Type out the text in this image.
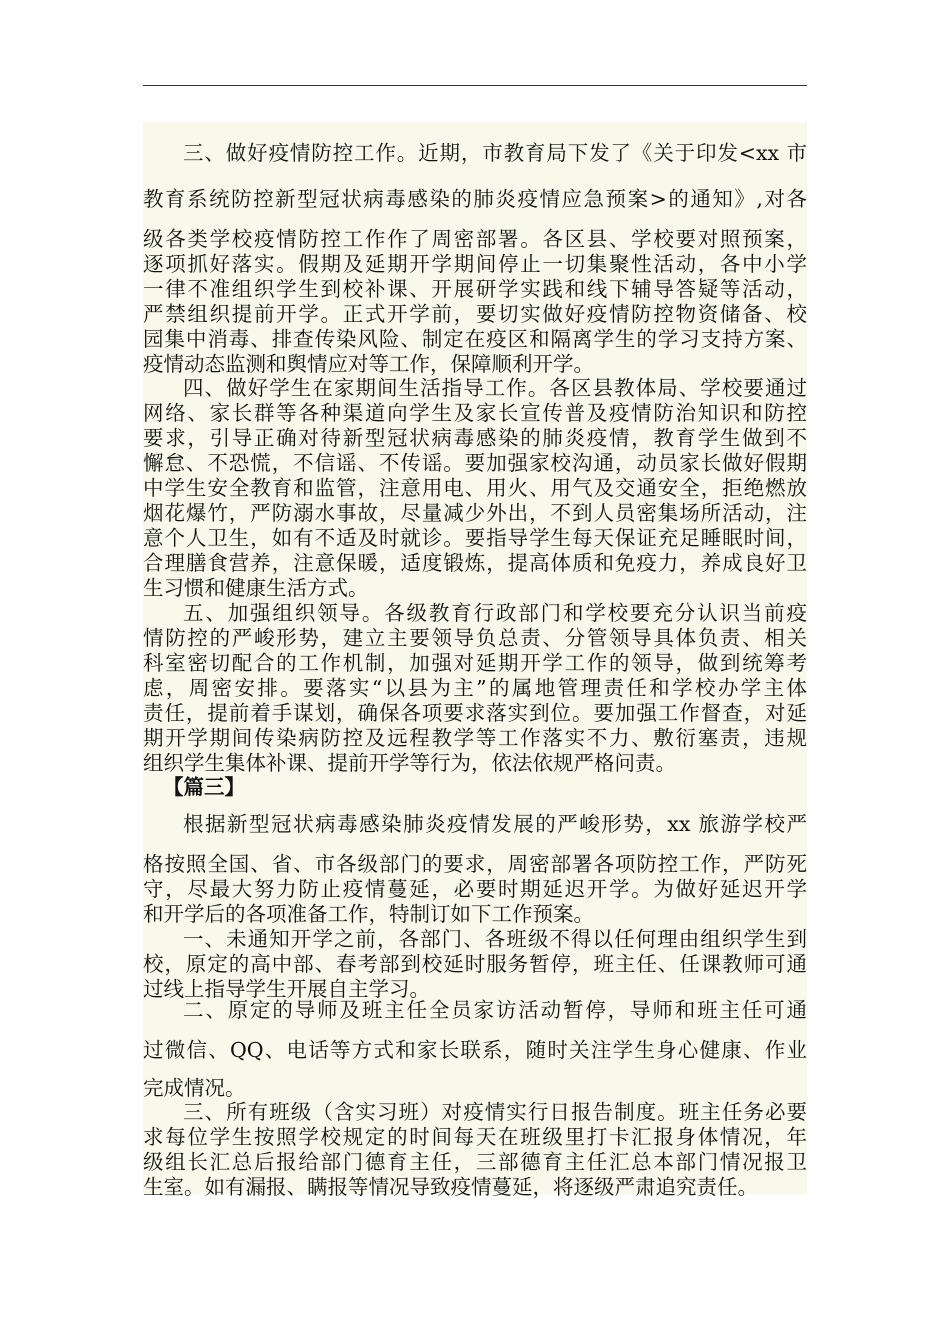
三、做好疫情防控工作。近期，市教育局下发了《关于印发<xx 市
教育系统防控新型冠状病毒感染的肺炎疫情应急预案>的通知》,对各
级各类学校疫情防控工作作了周密部署。各区县、学校要对照预案，
逐项抓好落实。假期及延期开学期间停止一切集聚性活动，各中小学
一律不准组织学生到校补课、开展研学实践和线下辅导答疑等活动，
严禁组织提前开学。正式开学前，要切实做好疫情防控物资储备、校
园集中消毒、排查传染风险、制定在疫区和隔离学生的学习支持方案、
疫情动态监测和舆情应对等工作，保障顺利开学。
四、做好学生在家期间生活指导工作。各区县教体局、学校要通过
网络、家长群等各种渠道向学生及家长宣传普及疫情防治知识和防控
要求，引导正确对待新型冠状病毒感染的肺炎疫情，教育学生做到不
懈怠、不恐慌，不信谣、不传谣。要加强家校沟通，动员家长做好假期
中学生安全教育和监管，注意用电、用火、用气及交通安全，拒绝燃放
烟花爆竹，严防溺水事故，尽量减少外出，不到人员密集场所活动，注
意个人卫生，如有不适及时就诊。要指导学生每天保证充足睡眠时间，
合理膳食营养，注意保暖，适度锻炼，提高体质和免疫力，养成良好卫
生习惯和健康生活方式。
五、加强组织领导。各级教育行政部门和学校要充分认识当前疫
情防控的严峻形势，建立主要领导负总责、分管领导具体负责、相关
科室密切配合的工作机制，加强对延期开学工作的领导，做到统筹考
虑，周密安排。要落实“以县为主”的属地管理责任和学校办学主体
责任，提前着手谋划，确保各项要求落实到位。要加强工作督查，对延
期开学期间传染病防控及远程教学等工作落实不力、敷衍塞责，违规
组织学生集体补课、提前开学等行为，依法依规严格问责。
【篇三】
根据新型冠状病毒感染肺炎疫情发展的严峻形势，xx 旅游学校严
格按照全国、省、市各级部门的要求，周密部署各项防控工作，严防死
守，尽最大努力防止疫情蔓延，必要时期延迟开学。为做好延迟开学
和开学后的各项准备工作，特制订如下工作预案。
一、未通知开学之前，各部门、各班级不得以任何理由组织学生到
校，原定的高中部、春考部到校延时服务暂停，班主任、任课教师可通
过线上指导学生开展自主学习。
二、原定的导师及班主任全员家访活动暂停，导师和班主任可通
过微信、QQ、电话等方式和家长联系，随时关注学生身心健康、作业
完成情况。
三、所有班级（含实习班）对疫情实行日报告制度。班主任务必要
求每位学生按照学校规定的时间每天在班级里打卡汇报身体情况，年
级组长汇总后报给部门德育主任，三部德育主任汇总本部门情况报卫
生室。如有漏报、瞒报等情况导致疫情蔓延，将逐级严肃追究责任。
